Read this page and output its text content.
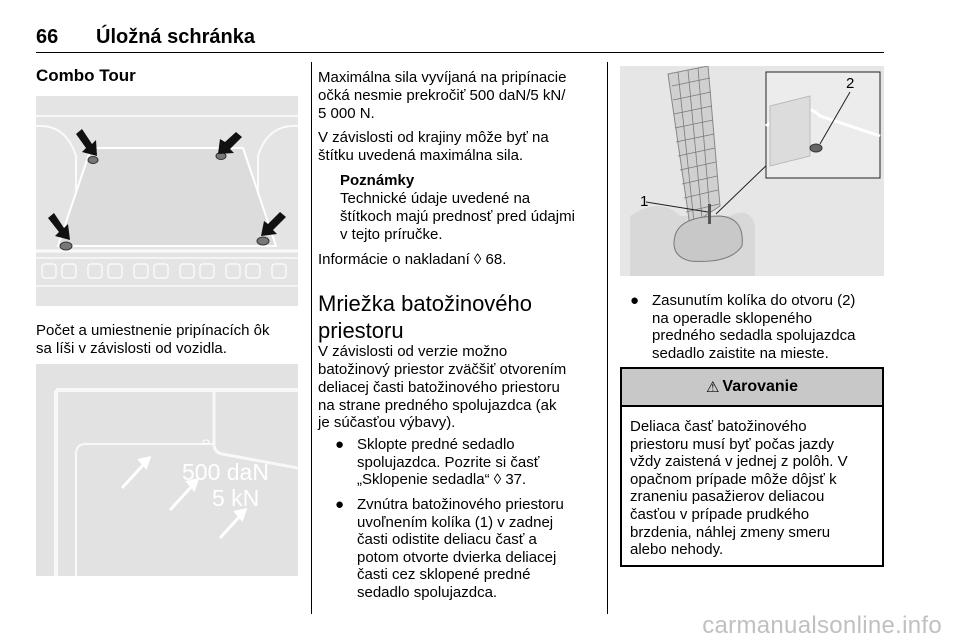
66 Úložná schránka
Combo Tour
Počet a umiestnenie pripínacích ôk
sa líši v závislosti od vozidla.
500 daN
5 kN
Maximálna sila vyvíjaná na pripínacie
očká nesmie prekročiť 500 daN/5 kN/
5 000 N.
V závislosti od krajiny môže byť na
štítku uvedená maximálna sila.
Poznámky
Technické údaje uvedené na
štítkoch majú prednosť pred údajmi
v tejto príručke.
Informácie o nakladaní ◊ 68.
Mriežka batožinového
priestoru
V závislosti od verzie možno
batožinový priestor zväčšiť otvorením
deliacej časti batožinového priestoru
na strane predného spolujazdca (ak
je súčasťou výbavy).
● Sklopte predné sedadlo
spolujazdca. Pozrite si časť
„Sklopenie sedadla“ ◊ 37.
● Zvnútra batožinového priestoru
uvoľnením kolíka (1) v zadnej
časti odistite deliacu časť a
potom otvorte dvierka deliacej
časti cez sklopené predné
sedadlo spolujazdca.
1
2
● Zasunutím kolíka do otvoru (2)
na operadle sklopeného
predného sedadla spolujazdca
sedadlo zaistite na mieste.
⚠ Varovanie
Deliaca časť batožinového
priestoru musí byť počas jazdy
vždy zaistená v jednej z polôh. V
opačnom prípade môže dôjsť k
zraneniu pasažierov deliacou
časťou v prípade prudkého
brzdenia, náhlej zmeny smeru
alebo nehody.
carmanualsonline.info
